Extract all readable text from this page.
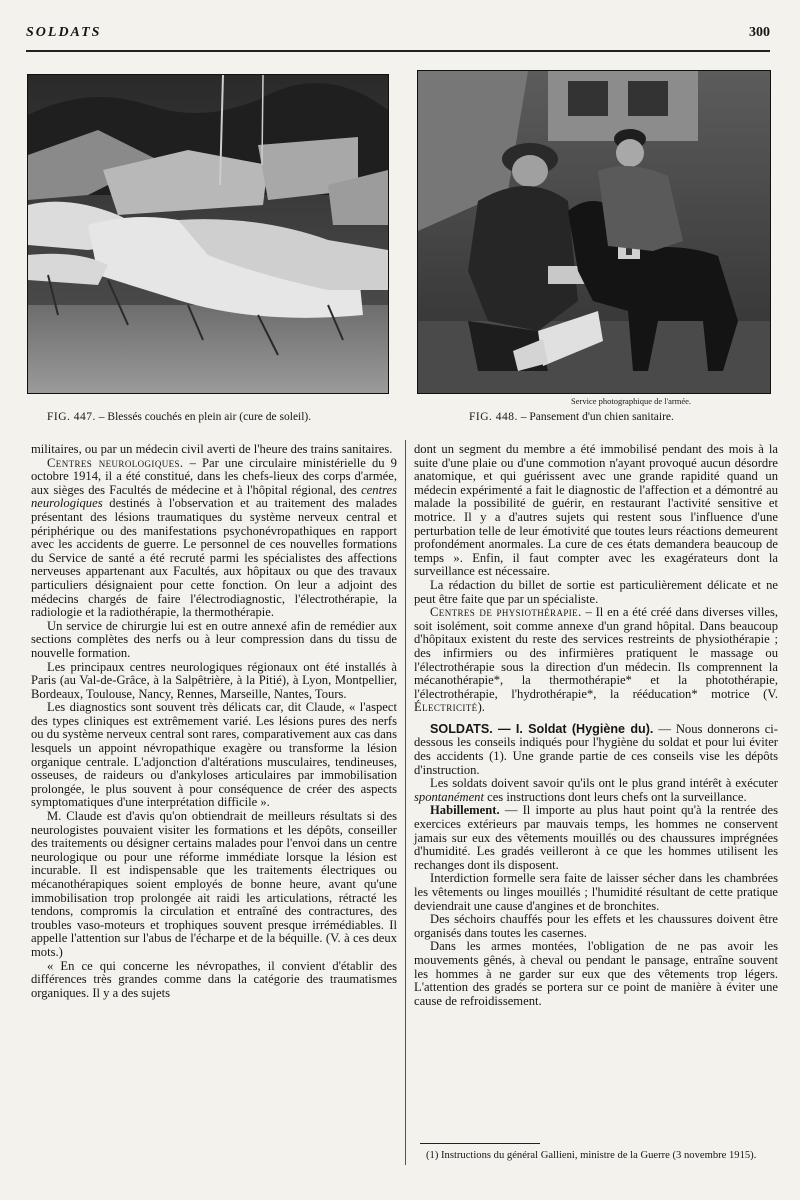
SOLDATS	300
Service photographique de l'armée.
FIG. 447. – Blessés couchés en plein air (cure de soleil).	FIG. 448. – Pansement d'un chien sanitaire.

militaires, ou par un médecin civil averti de l'heure des trains sanitaires.

Centres neurologiques. – Par une circulaire ministérielle du 9 octobre 1914, il a été constitué, dans les chefs-lieux des corps d'armée, aux sièges des Facultés de médecine et à l'hôpital régional, des centres neurologiques destinés à l'observation et au traitement des malades présentant des lésions traumatiques du système nerveux central et périphérique ou des manifestations psychonévropathiques en rapport avec les accidents de guerre. Le personnel de ces nouvelles formations du Service de santé a été recruté parmi les spécialistes des affections nerveuses appartenant aux Facultés, aux hôpitaux ou que des travaux particuliers désignaient pour cette fonction. On leur a adjoint des médecins chargés de faire l'électrodiagnostic, l'électrothérapie, la radiologie et la radiothérapie, la thermothérapie.

Un service de chirurgie lui est en outre annexé afin de remédier aux sections complètes des nerfs ou à leur compression dans du tissu de nouvelle formation.

Les principaux centres neurologiques régionaux ont été installés à Paris (au Val-de-Grâce, à la Salpêtrière, à la Pitié), à Lyon, Montpellier, Bordeaux, Toulouse, Nancy, Rennes, Marseille, Nantes, Tours.

Les diagnostics sont souvent très délicats car, dit Claude, « l'aspect des types cliniques est extrêmement varié. Les lésions pures des nerfs ou du système nerveux central sont rares, comparativement aux cas dans lesquels un appoint névropathique exagère ou transforme la lésion organique centrale. L'adjonction d'altérations musculaires, tendineuses, osseuses, de raideurs ou d'ankyloses articulaires par immobilisation prolongée, le plus souvent à pour conséquence de créer des aspects symptomatiques d'une interprétation difficile ».

M. Claude est d'avis qu'on obtiendrait de meilleurs résultats si des neurologistes pouvaient visiter les formations et les dépôts, conseiller des traitements ou désigner certains malades pour l'envoi dans un centre neurologique ou pour une réforme immédiate lorsque la lésion est incurable. Il est indispensable que les traitements électriques ou mécanothérapiques soient employés de bonne heure, avant qu'une immobilisation trop prolongée ait raidi les articulations, rétracté les tendons, compromis la circulation et entraîné des contractures, des troubles vaso-moteurs et trophiques souvent presque irrémédiables. Il appelle l'attention sur l'abus de l'écharpe et de la béquille. (V. à ces deux mots.)

« En ce qui concerne les névropathes, il convient d'établir des différences très grandes comme dans la catégorie des traumatismes organiques. Il y a des sujets

dont un segment du membre a été immobilisé pendant des mois à la suite d'une plaie ou d'une commotion n'ayant provoqué aucun désordre anatomique, et qui guérissent avec une grande rapidité quand un médecin expérimenté a fait le diagnostic de l'affection et a démontré au malade la possibilité de guérir, en restaurant l'activité sensitive et motrice. Il y a d'autres sujets qui restent sous l'influence d'une perturbation telle de leur émotivité que toutes leurs réactions demeurent profondément anormales. La cure de ces états demandera beaucoup de temps ». Enfin, il faut compter avec les exagérateurs dont la surveillance est nécessaire.

La rédaction du billet de sortie est particulièrement délicate et ne peut être faite que par un spécialiste.

Centres de physiothérapie. – Il en a été créé dans diverses villes, soit isolément, soit comme annexe d'un grand hôpital. Dans beaucoup d'hôpitaux existent du reste des services restreints de physiothérapie ; des infirmiers ou des infirmières pratiquent le massage ou l'électrothérapie sous la direction d'un médecin. Ils comprennent la mécanothérapie*, la thermothérapie* et la photothérapie, l'électrothérapie, l'hydrothérapie*, la rééducation* motrice (V. Électricité).

SOLDATS. — I. Soldat (Hygiène du). — Nous donnerons ci-dessous les conseils indiqués pour l'hygiène du soldat et pour lui éviter des accidents (1). Une grande partie de ces conseils vise les dépôts d'instruction.

Les soldats doivent savoir qu'ils ont le plus grand intérêt à exécuter spontanément ces instructions dont leurs chefs ont la surveillance.

Habillement. — Il importe au plus haut point qu'à la rentrée des exercices extérieurs par mauvais temps, les hommes ne conservent jamais sur eux des vêtements mouillés ou des chaussures imprégnées d'humidité. Les gradés veilleront à ce que les hommes utilisent les rechanges dont ils disposent.

Interdiction formelle sera faite de laisser sécher dans les chambrées les vêtements ou linges mouillés ; l'humidité résultant de cette pratique deviendrait une cause d'angines et de bronchites.

Des séchoirs chauffés pour les effets et les chaussures doivent être organisés dans toutes les casernes.

Dans les armes montées, l'obligation de ne pas avoir les mouvements gênés, à cheval ou pendant le pansage, entraîne souvent les hommes à ne garder sur eux que des vêtements trop légers. L'attention des gradés se portera sur ce point de manière à éviter une cause de refroidissement.

(1) Instructions du général Gallieni, ministre de la Guerre (3 novembre 1915).
